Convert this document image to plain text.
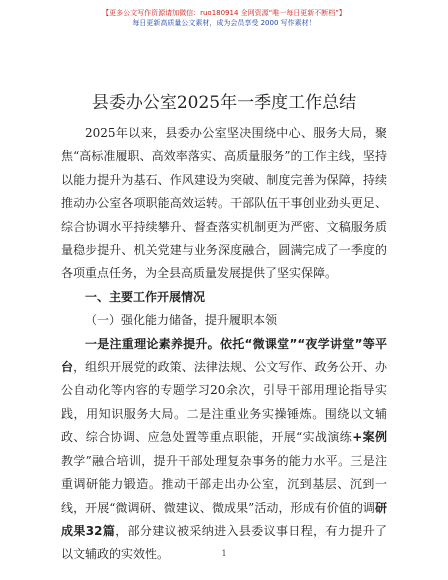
【更多公文写作资源请加微信：ruo180914 全网资源“唯一每日更新不断档”】
每日更新高质量公文素材，成为会员享受 2000 写作素材！
县委办公室2025年一季度工作总结

2025年以来，县委办公室坚决围绕中心、服务大局，聚焦“高标准履职、高效率落实、高质量服务”的工作主线，坚持以能力提升为基石、作风建设为突破、制度完善为保障，持续推动办公室各项职能高效运转。干部队伍干事创业劲头更足、综合协调水平持续攀升、督查落实机制更为严密、文稿服务质量稳步提升、机关党建与业务深度融合，圆满完成了一季度的各项重点任务，为全县高质量发展提供了坚实保障。

一、主要工作开展情况

（一）强化能力储备，提升履职本领

一是注重理论素养提升。依托“微课堂”“夜学讲堂”等平台，组织开展党的政策、法律法规、公文写作、政务公开、办公自动化等内容的专题学习20余次，引导干部用理论指导实践，用知识服务大局。二是注重业务实操锤炼。围绕以文辅政、综合协调、应急处置等重点职能，开展“实战演练+案例教学”融合培训，提升干部处理复杂事务的能力水平。三是注重调研能力锻造。推动干部走出办公室，沉到基层、沉到一线，开展“微调研、微建议、微成果”活动，形成有价值的调研成果32篇，部分建议被采纳进入县委议事日程，有力提升了以文辅政的实效性。	1
